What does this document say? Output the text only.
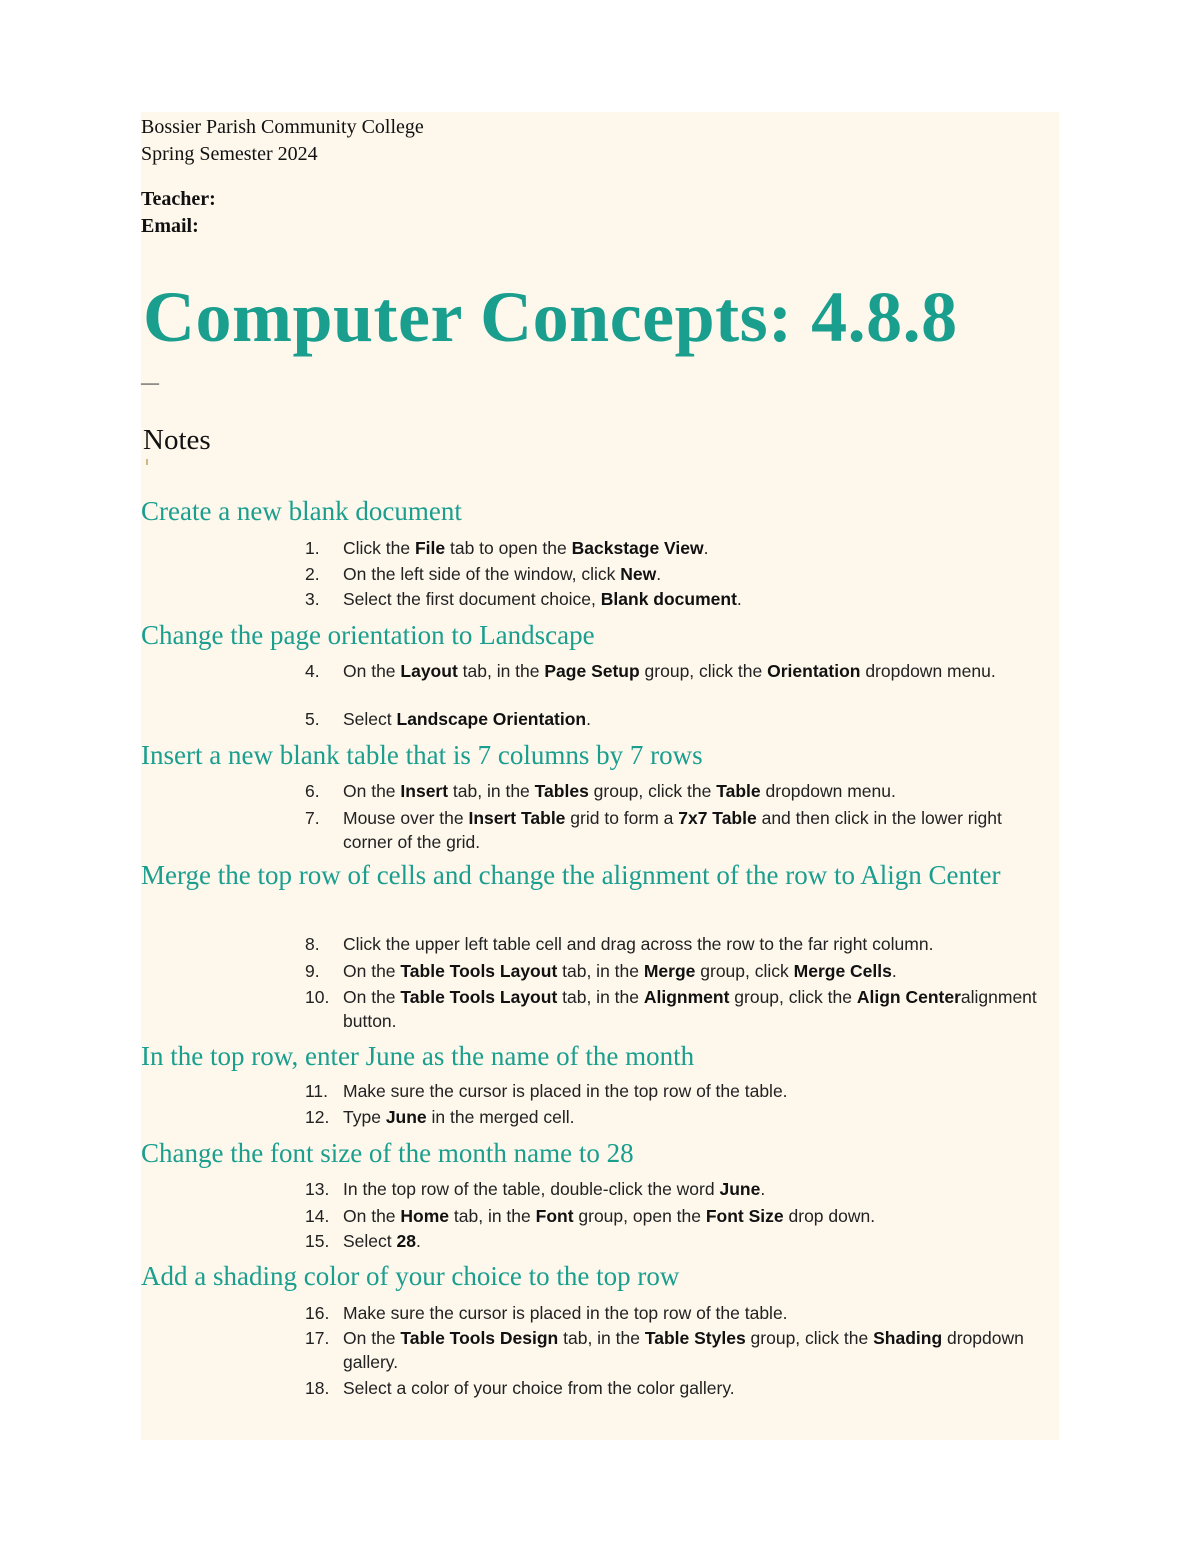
Bossier Parish Community College
Spring Semester 2024
Teacher:
Email:
Computer Concepts: 4.8.8
__
Notes
Create a new blank document
1.	Click the File tab to open the Backstage View.
2.	On the left side of the window, click New.
3.	Select the first document choice, Blank document.
Change the page orientation to Landscape
4.	On the Layout tab, in the Page Setup group, click the Orientation dropdown menu.
5.	Select Landscape Orientation.
Insert a new blank table that is 7 columns by 7 rows
6.	On the Insert tab, in the Tables group, click the Table dropdown menu.
7.	Mouse over the Insert Table grid to form a 7x7 Table and then click in the lower right corner of the grid.
Merge the top row of cells and change the alignment of the row to Align Center
8.	Click the upper left table cell and drag across the row to the far right column.
9.	On the Table Tools Layout tab, in the Merge group, click Merge Cells.
10. On the Table Tools Layout tab, in the Alignment group, click the Align Centeralignment button.
In the top row, enter June as the name of the month
11. Make sure the cursor is placed in the top row of the table.
12. Type June in the merged cell.
Change the font size of the month name to 28
13. In the top row of the table, double-click the word June.
14. On the Home tab, in the Font group, open the Font Size drop down.
15. Select 28.
Add a shading color of your choice to the top row
16. Make sure the cursor is placed in the top row of the table.
17. On the Table Tools Design tab, in the Table Styles group, click the Shading dropdown gallery.
18. Select a color of your choice from the color gallery.
